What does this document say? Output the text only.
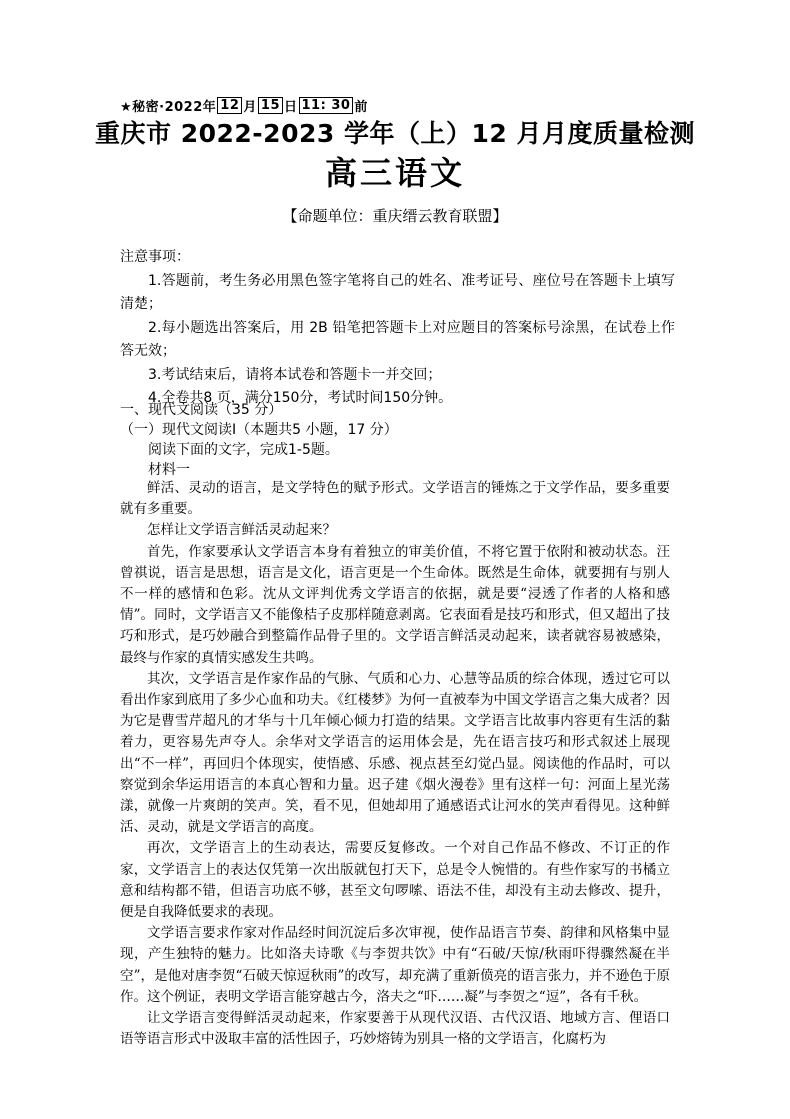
★秘密·2022 年 12 月 15 日 11: 30 前
重庆市 2022-2023 学年（上）12 月月度质量检测
高三语文
【命题单位：重庆缙云教育联盟】

注意事项：

1.答题前，考生务必用黑色签字笔将自己的姓名、准考证号、座位号在答题卡上填写清楚；

2.每小题选出答案后，用 2B 铅笔把答题卡上对应题目的答案标号涂黑，在试卷上作答无效；

3.考试结束后，请将本试卷和答题卡一并交回；

4.全卷共8 页，满分150分，考试时间150分钟。

一、现代文阅读（35 分）
（一）现代文阅读Ⅰ（本题共5 小题，17 分）
阅读下面的文字，完成1-5题。
材料一

鲜活、灵动的语言，是文学特色的赋予形式。文学语言的锤炼之于文学作品，要多重要就有多重要。

怎样让文学语言鲜活灵动起来？

首先，作家要承认文学语言本身有着独立的审美价值，不将它置于依附和被动状态。汪曾祺说，语言是思想，语言是文化，语言更是一个生命体。既然是生命体，就要拥有与别人不一样的感情和色彩。沈从文评判优秀文学语言的依据，就是要“浸透了作者的人格和感情”。同时，文学语言又不能像桔子皮那样随意剥离。它表面看是技巧和形式，但又超出了技巧和形式，是巧妙融合到整篇作品骨子里的。文学语言鲜活灵动起来，读者就容易被感染，最终与作家的真情实感发生共鸣。

其次，文学语言是作家作品的气脉、气质和心力、心慧等品质的综合体现，透过它可以看出作家到底用了多少心血和功夫。《红楼梦》为何一直被奉为中国文学语言之集大成者？因为它是曹雪芹超凡的才华与十几年倾心倾力打造的结果。文学语言比故事内容更有生活的黏着力，更容易先声夺人。余华对文学语言的运用体会是，先在语言技巧和形式叙述上展现出“不一样”，再回归个体现实，使悟感、乐感、视点甚至幻觉凸显。阅读他的作品时，可以察觉到余华运用语言的本真心智和力量。迟子建《烟火漫卷》里有这样一句：河面上星光荡漾，就像一片爽朗的笑声。笑，看不见，但她却用了通感语式让河水的笑声看得见。这种鲜活、灵动，就是文学语言的高度。

再次，文学语言上的生动表达，需要反复修改。一个对自己作品不修改、不订正的作家，文学语言上的表达仅凭第一次出版就包打天下，总是令人惋惜的。有些作家写的书橘立意和结构都不错，但语言功底不够，甚至文句啰嗦、语法不佳，却没有主动去修改、提升，便是自我降低要求的表现。

文学语言要求作家对作品经时间沉淀后多次审视，使作品语言节奏、韵律和风格集中显现，产生独特的魅力。比如洛夫诗歌《与李贺共饮》中有“石破/天惊/秋雨吓得骤然凝在半空”，是他对唐李贺“石破天惊逗秋雨”的改写，却充满了重新偾亮的语言张力，并不逊色于原作。这个例证，表明文学语言能穿越古今，洛夫之“吓……凝”与李贺之“逗”，各有千秋。

让文学语言变得鲜活灵动起来，作家要善于从现代汉语、古代汉语、地域方言、俚语口语等语言形式中汲取丰富的活性因子，巧妙熔铸为别具一格的文学语言，化腐朽为
